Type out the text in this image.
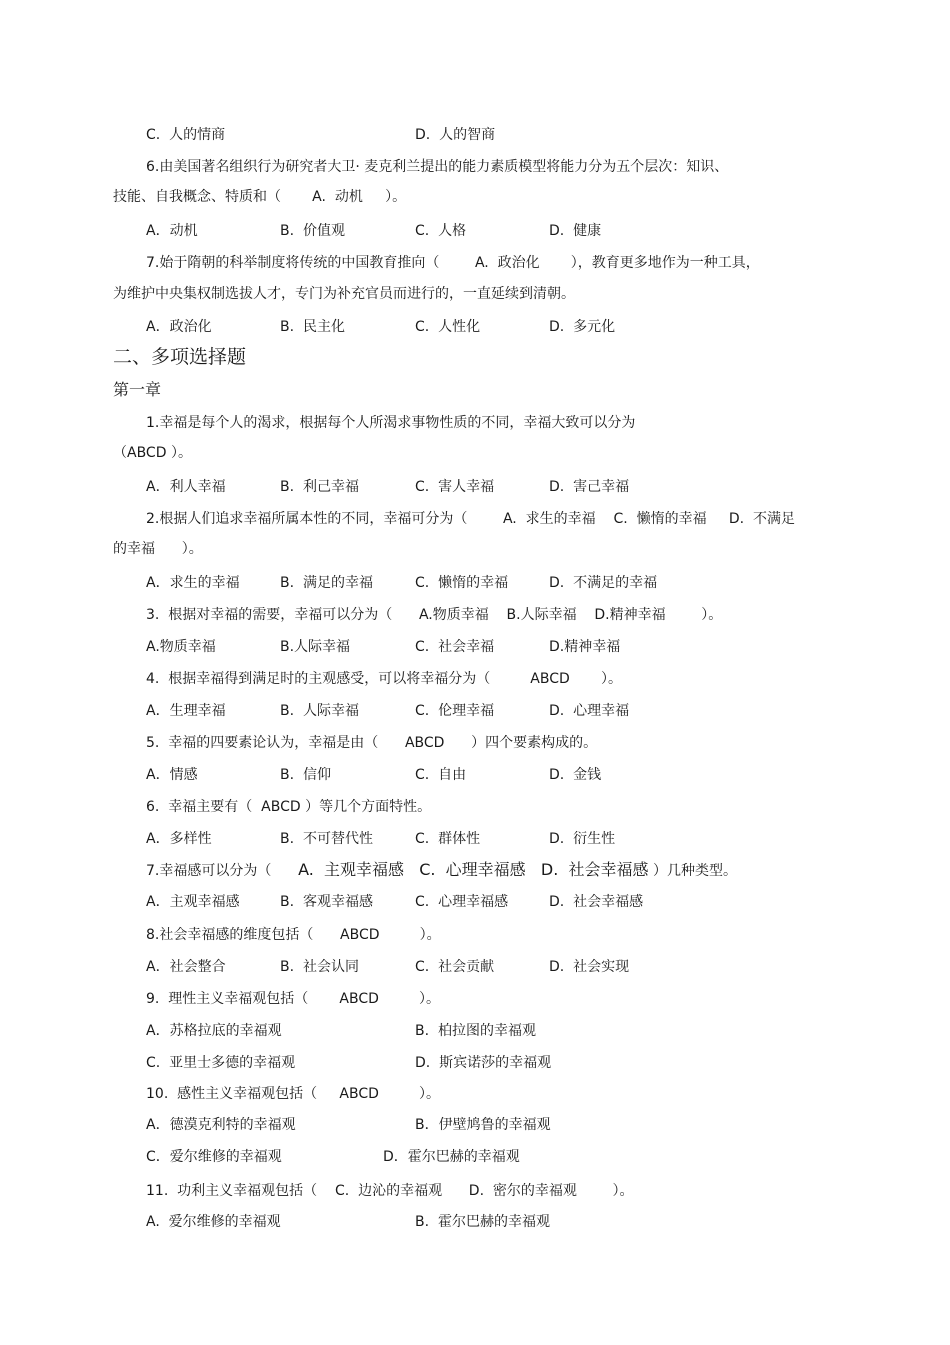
C.  人的情商	D.  人的智商
6.由美国著名组织行为研究者大卫· 麦克利兰提出的能力素质模型将能力分为五个层次：知识、
技能、自我概念、特质和（       A.  动机     ）。
A．动机	B.  价值观	C.  人格	D.  健康
7.始于隋朝的科举制度将传统的中国教育推向（        A.  政治化       ），教育更多地作为一种工具，
为维护中央集权制选拔人才，专门为补充官员而进行的，一直延续到清朝。
A．政治化	B.  民主化	C.  人性化	D.  多元化
二、多项选择题
第一章
1.幸福是每个人的渴求，根据每个人所渴求事物性质的不同，幸福大致可以分为
（ABCD ）。
A．利人幸福	B.  利己幸福	C.  害人幸福	D.  害己幸福
2.根据人们追求幸福所属本性的不同，幸福可分为（        A.  求生的幸福    C.  懒惰的幸福     D.  不满足
的幸福      ）。
A．求生的幸福	B.  满足的幸福	C.  懒惰的幸福	D.  不满足的幸福
3.  根据对幸福的需要，幸福可以分为（      A.物质幸福    B.人际幸福    D.精神幸福        ）。
A.物质幸福	B.人际幸福	C.  社会幸福	D.精神幸福
4.  根据幸福得到满足时的主观感受，可以将幸福分为（         ABCD       ）。
A．生理幸福	B.  人际幸福	C.  伦理幸福	D.  心理幸福
5.  幸福的四要素论认为，幸福是由（      ABCD      ）四个要素构成的。
A．情感	B.  信仰	C.  自由	D.  金钱
6.  幸福主要有（  ABCD ）等几个方面特性。
A．多样性	B.  不可替代性	C.  群体性	D.  衍生性
7.幸福感可以分为（      A.  主观幸福感   C.  心理幸福感   D.  社会幸福感 ）几种类型。
A．主观幸福感	B.  客观幸福感	C.  心理幸福感	D.  社会幸福感
8.社会幸福感的维度包括（      ABCD         ）。
A．社会整合	B.  社会认同	C.  社会贡献	D.  社会实现
9.  理性主义幸福观包括（       ABCD         ）。
A．苏格拉底的幸福观	B.  柏拉图的幸福观
C.  亚里士多德的幸福观	D.  斯宾诺莎的幸福观
10.  感性主义幸福观包括（     ABCD         ）。
A．德漠克利特的幸福观	B．伊壁鸠鲁的幸福观
C．爱尔维修的幸福观	D．霍尔巴赫的幸福观
11.  功利主义幸福观包括（    C.  边沁的幸福观      D.  密尔的幸福观        ）。
A.  爱尔维修的幸福观	B.  霍尔巴赫的幸福观
